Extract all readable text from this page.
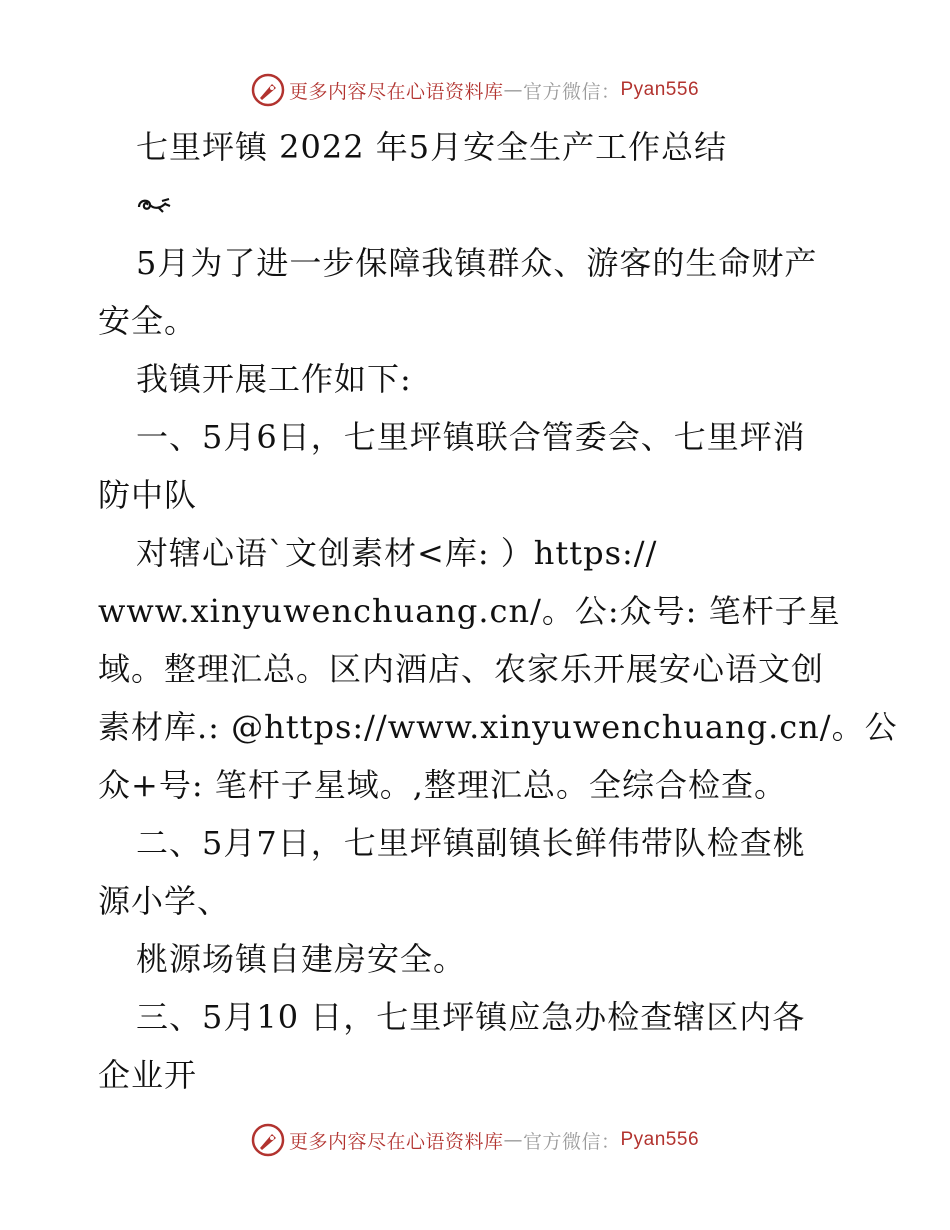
更多内容尽在心语资料库 — 官方微信： Pyan556
七里坪镇 2022 年5月安全生产工作总结
5月为了进一步保障我镇群众、游客的生命财产
安全。
我镇开展工作如下:
一、5月6日，七里坪镇联合管委会、七里坪消
防中队
对辖心语`文创素材<库: ）https://
www.xinyuwenchuang.cn/。公:众号: 笔杆子星
域。整理汇总。区内酒店、农家乐开展安心语文创
素材库.: @https://www.xinyuwenchuang.cn/。公
众+号: 笔杆子星域。,整理汇总。全综合检查。
二、5月7日，七里坪镇副镇长鲜伟带队检查桃
源小学、
桃源场镇自建房安全。
三、5月10 日，七里坪镇应急办检查辖区内各
企业开
更多内容尽在心语资料库 — 官方微信： Pyan556
